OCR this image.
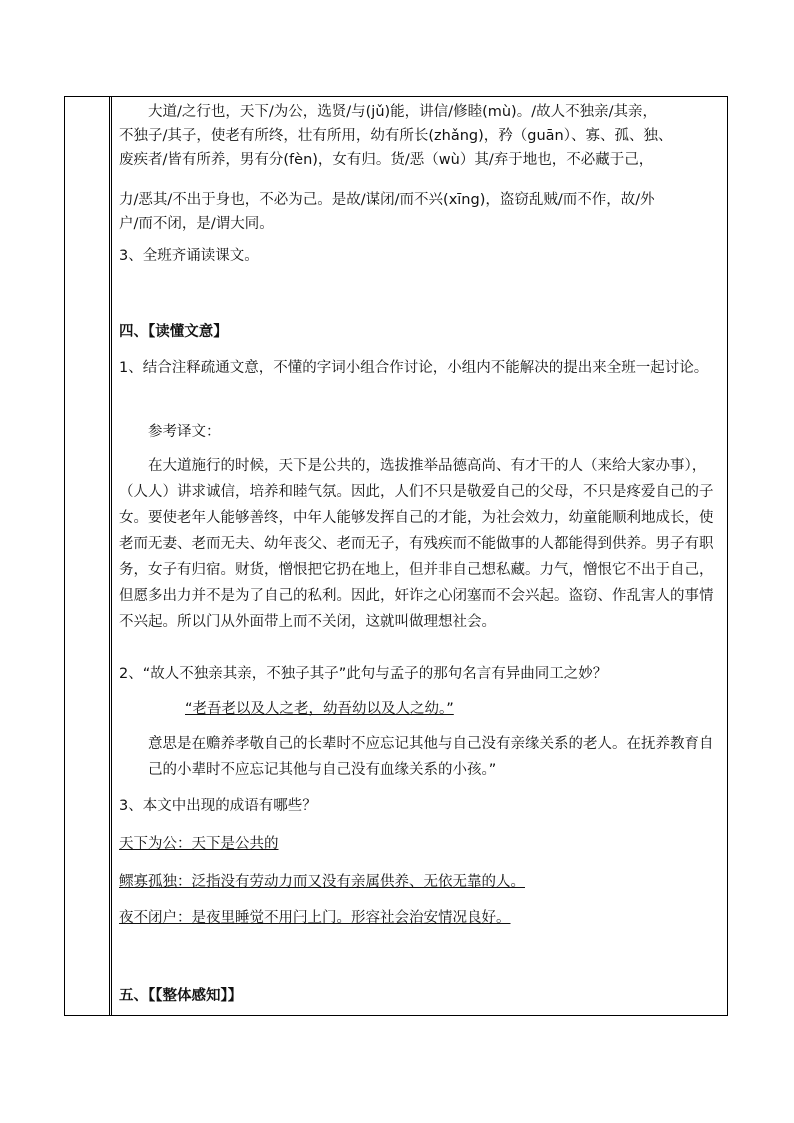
大道/之行也，天下/为公，选贤/与(jǔ)能，讲信/修睦(mù)。/故人不独亲/其亲，

不独子/其子，使老有所终，壮有所用，幼有所长(zhǎng)，矜（guān）、寡、孤、独、

废疾者/皆有所养，男有分(fèn)，女有归。货/恶（wù）其/弃于地也，不必藏于己，

力/恶其/不出于身也，不必为己。是故/谋闭/而不兴(xīng)，盗窃乱贼/而不作，故/外

户/而不闭，是/谓大同。

3、全班齐诵读课文。

四、【读懂文意】

1、结合注释疏通文意，不懂的字词小组合作讨论，小组内不能解决的提出来全班一起讨论。

参考译文：

在大道施行的时候，天下是公共的，选拔推举品德高尚、有才干的人（来给大家办事），（人人）讲求诚信，培养和睦气氛。因此，人们不只是敬爱自己的父母，不只是疼爱自己的子女。要使老年人能够善终，中年人能够发挥自己的才能，为社会效力，幼童能顺利地成长，使老而无妻、老而无夫、幼年丧父、老而无子，有残疾而不能做事的人都能得到供养。男子有职务，女子有归宿。财货，憎恨把它扔在地上，但并非自己想私藏。力气，憎恨它不出于自己，但愿多出力并不是为了自己的私利。因此，奸诈之心闭塞而不会兴起。盗窃、作乱害人的事情不兴起。所以门从外面带上而不关闭，这就叫做理想社会。

2、“故人不独亲其亲，不独子其子”此句与孟子的那句名言有异曲同工之妙？

“老吾老以及人之老，幼吾幼以及人之幼。”

意思是在赡养孝敬自己的长辈时不应忘记其他与自己没有亲缘关系的老人。在抚养教育自己的小辈时不应忘记其他与自己没有血缘关系的小孩。”

3、本文中出现的成语有哪些？

天下为公：天下是公共的

鳏寡孤独：泛指没有劳动力而又没有亲属供养、无依无靠的人。

夜不闭户：是夜里睡觉不用闩上门。形容社会治安情况良好。

五、【【整体感知】】
